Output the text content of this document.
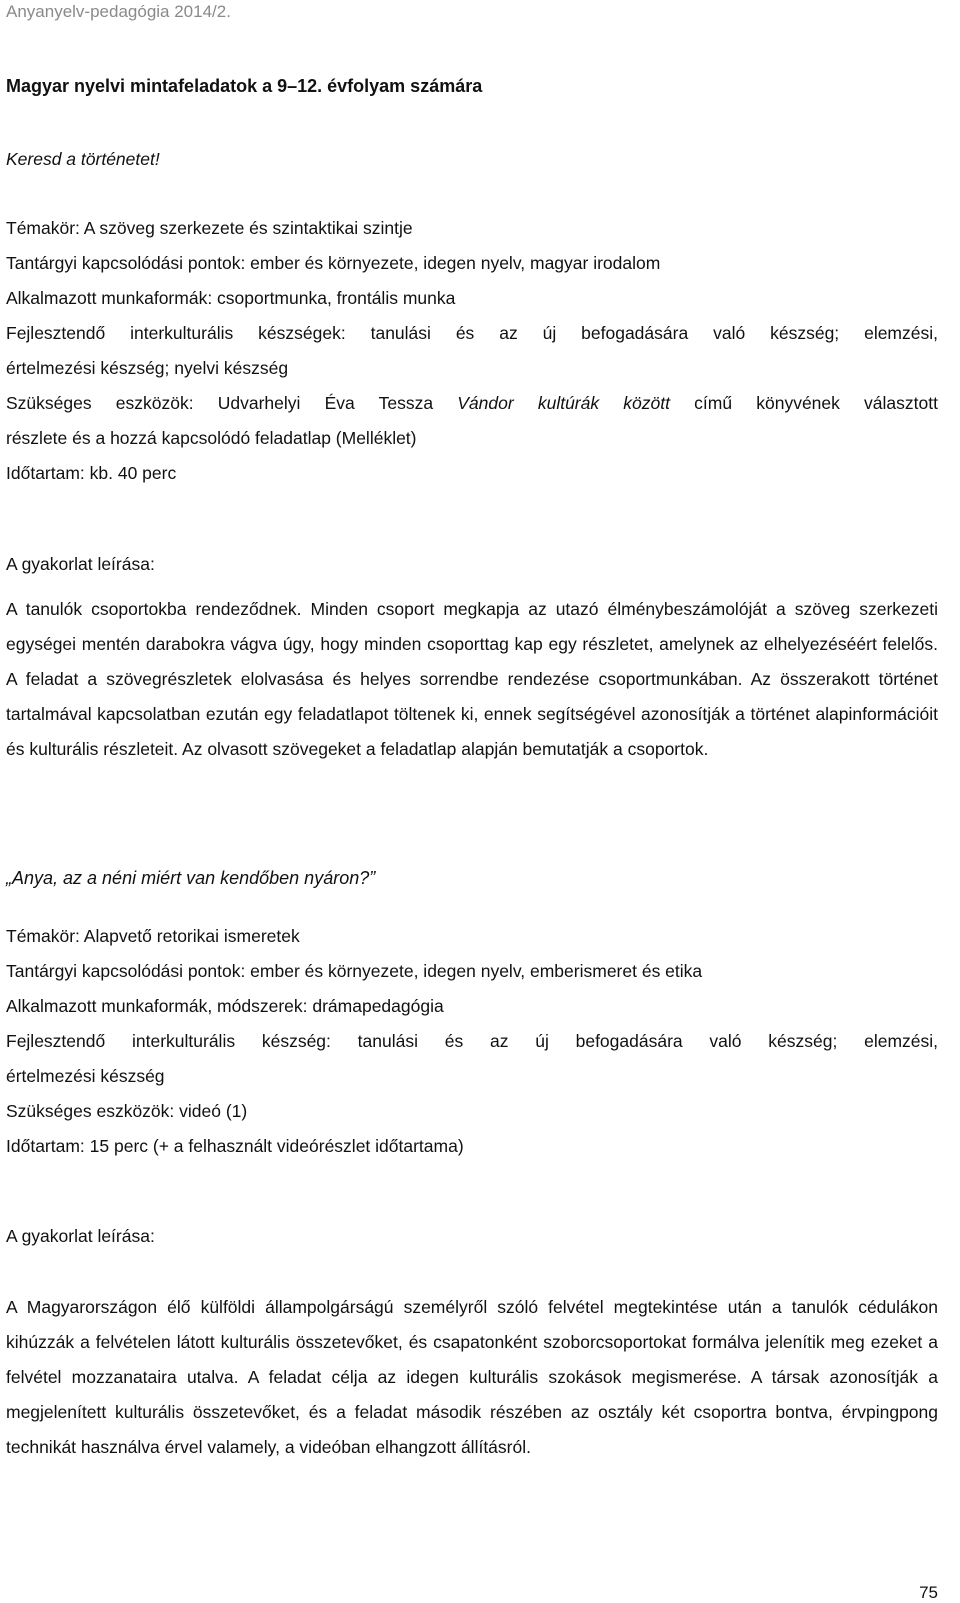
Anyanyelv-pedagógia 2014/2.
Magyar nyelvi mintafeladatok a 9–12. évfolyam számára
Keresd a történetet!
Témakör: A szöveg szerkezete és szintaktikai szintje
Tantárgyi kapcsolódási pontok: ember és környezete, idegen nyelv, magyar irodalom
Alkalmazott munkaformák: csoportmunka, frontális munka
Fejlesztendő interkulturális készségek: tanulási és az új befogadására való készség; elemzési,
értelmezési készség; nyelvi készség
Szükséges eszközök: Udvarhelyi Éva Tessza Vándor kultúrák között című könyvének választott
részlete és a hozzá kapcsolódó feladatlap (Melléklet)
Időtartam: kb. 40 perc
A gyakorlat leírása:

A tanulók csoportokba rendeződnek. Minden csoport megkapja az utazó élménybeszámolóját a szöveg szerkezeti egységei mentén darabokra vágva úgy, hogy minden csoporttag kap egy részletet, amelynek az elhelyezéséért felelős. A feladat a szövegrészletek elolvasása és helyes sorrendbe rendezése csoportmunkában. Az összerakott történet tartalmával kapcsolatban ezután egy feladatlapot töltenek ki, ennek segítségével azonosítják a történet alapinformációit és kulturális részleteit. Az olvasott szövegeket a feladatlap alapján bemutatják a csoportok.

„Anya, az a néni miért van kendőben nyáron?”
Témakör: Alapvető retorikai ismeretek
Tantárgyi kapcsolódási pontok: ember és környezete, idegen nyelv, emberismeret és etika
Alkalmazott munkaformák, módszerek: drámapedagógia
Fejlesztendő interkulturális készség: tanulási és az új befogadására való készség; elemzési,
értelmezési készség
Szükséges eszközök: videó (1)
Időtartam: 15 perc (+ a felhasznált videórészlet időtartama)
A gyakorlat leírása:

A Magyarországon élő külföldi állampolgárságú személyről szóló felvétel megtekintése után a tanulók cédulákon kihúzzák a felvételen látott kulturális összetevőket, és csapatonként szoborcsoportokat formálva jelenítik meg ezeket a felvétel mozzanataira utalva. A feladat célja az idegen kulturális szokások megismerése. A társak azonosítják a megjelenített kulturális összetevőket, és a feladat második részében az osztály két csoportra bontva, érvpingpong technikát használva érvel valamely, a videóban elhangzott állításról.

75
